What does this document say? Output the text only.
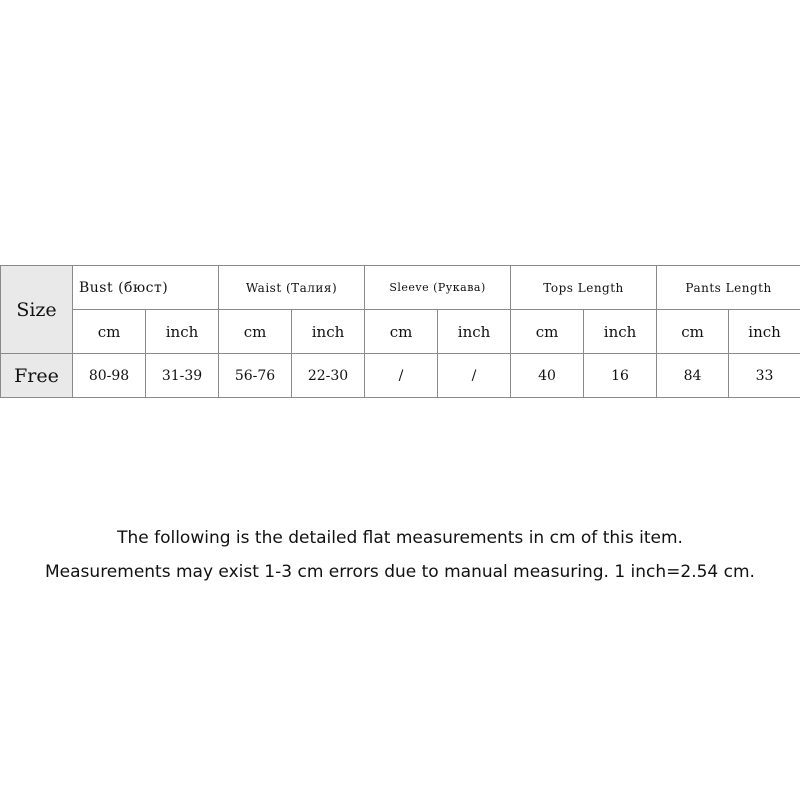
Size	Bust (бюст)		Waist (Талия)		Sleeve (Рукава)		Tops Length		Pants Length	
	cm	inch	cm	inch	cm	inch	cm	inch	cm	inch
Free	80-98	31-39	56-76	22-30	/	/	40	16	84	33
The following is the detailed flat measurements in cm of this item.
Measurements may exist 1-3 cm errors due to manual measuring. 1 inch=2.54 cm.
